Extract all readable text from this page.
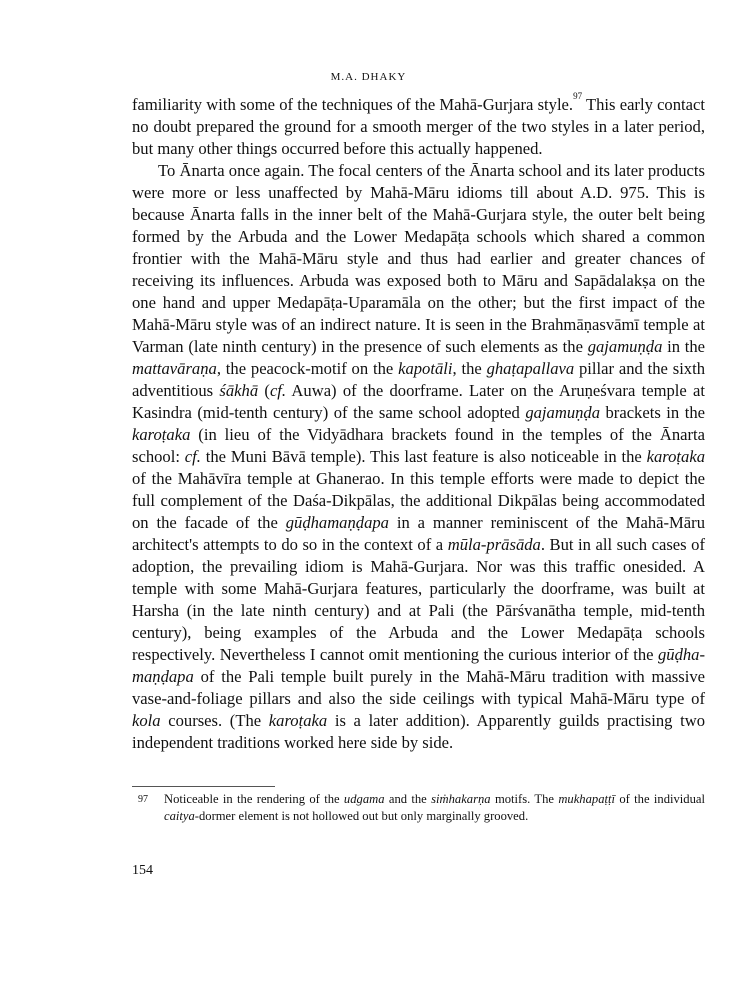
M.A. DHAKY

familiarity with some of the techniques of the Mahā-Gurjara style.$^{97}$ This early contact no doubt prepared the ground for a smooth merger of the two styles in a later period, but many other things occurred before this actually happened.

To Ānarta once again. The focal centers of the Ānarta school and its later products were more or less unaffected by Mahā-Māru idioms till about A.D. 975. This is because Ānarta falls in the inner belt of the Mahā-Gurjara style, the outer belt being formed by the Arbuda and the Lower Medapāṭa schools which shared a common frontier with the Mahā-Māru style and thus had earlier and greater chances of receiving its influences. Arbuda was exposed both to Māru and Sapādalakṣa on the one hand and upper Medapāṭa-Uparamāla on the other; but the first impact of the Mahā-Māru style was of an indirect nature. It is seen in the Brahmāṇasvāmī temple at Varman (late ninth century) in the presence of such elements as the gajamuṇḍa in the mattavāraṇa, the peacock-motif on the kapotāli, the ghaṭapallava pillar and the sixth adventitious śākhā (cf. Auwa) of the doorframe. Later on the Aruṇeśvara temple at Kasindra (mid-tenth century) of the same school adopted gajamuṇḍa brackets in the karoṭaka (in lieu of the Vidyādhara brackets found in the temples of the Ānarta school: cf. the Muni Bāvā temple). This last feature is also noticeable in the karoṭaka of the Mahāvīra temple at Ghanerao. In this temple efforts were made to depict the full complement of the Daśa-Dikpālas, the additional Dikpālas being accommodated on the facade of the gūḍhamaṇḍapa in a manner reminiscent of the Mahā-Māru architect's attempts to do so in the context of a mūla-prāsāda. But in all such cases of adoption, the prevailing idiom is Mahā-Gurjara. Nor was this traffic onesided. A temple with some Mahā-Gurjara features, particularly the doorframe, was built at Harsha (in the late ninth century) and at Pali (the Pārśvanātha temple, mid-tenth century), being examples of the Arbuda and the Lower Medapāṭa schools respectively. Nevertheless I cannot omit mentioning the curious interior of the gūḍha-maṇḍapa of the Pali temple built purely in the Mahā-Māru tradition with massive vase-and-foliage pillars and also the side ceilings with typical Mahā-Māru type of kola courses. (The karoṭaka is a later addition). Apparently guilds practising two independent traditions worked here side by side.

97 Noticeable in the rendering of the udgama and the siṁhakarṇa motifs. The mukhapaṭṭī of the individual caitya-dormer element is not hollowed out but only marginally grooved.
154
